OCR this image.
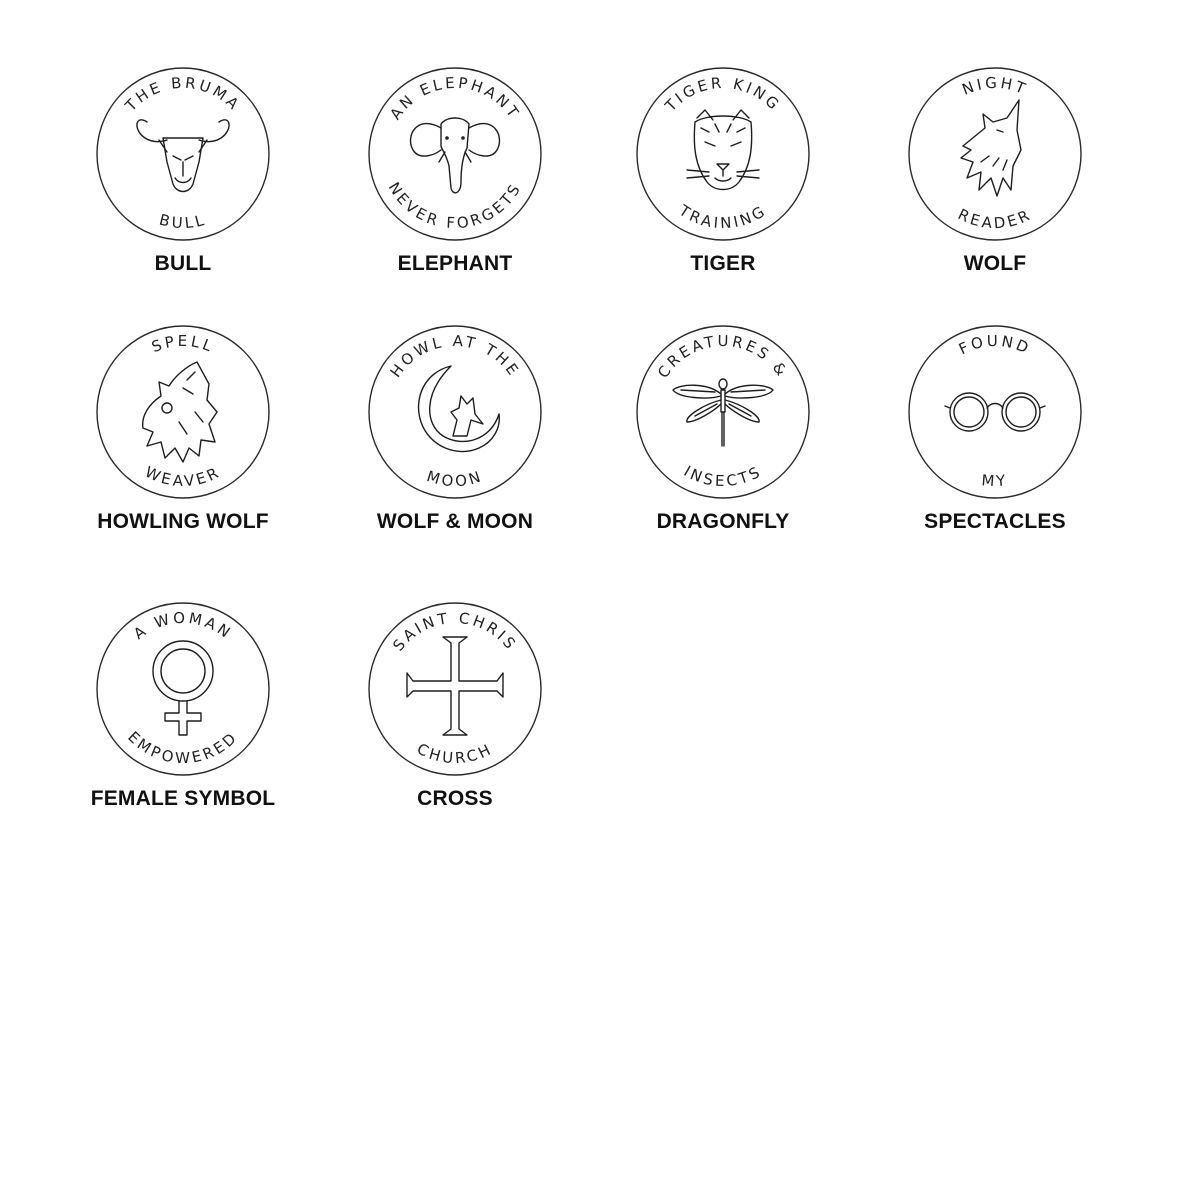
THE BRUMA
BULL
BULL
AN ELEPHANT
NEVER FORGETS
ELEPHANT
TIGER KING
TRAINING
TIGER
NIGHT
READER
WOLF
SPELL
WEAVER
HOWLING WOLF
HOWL AT THE
MOON
WOLF & MOON
CREATURES &
INSECTS
DRAGONFLY
FOUND
MY
SPECTACLES
A WOMAN
EMPOWERED
FEMALE SYMBOL
SAINT CHRIS
CHURCH
CROSS
